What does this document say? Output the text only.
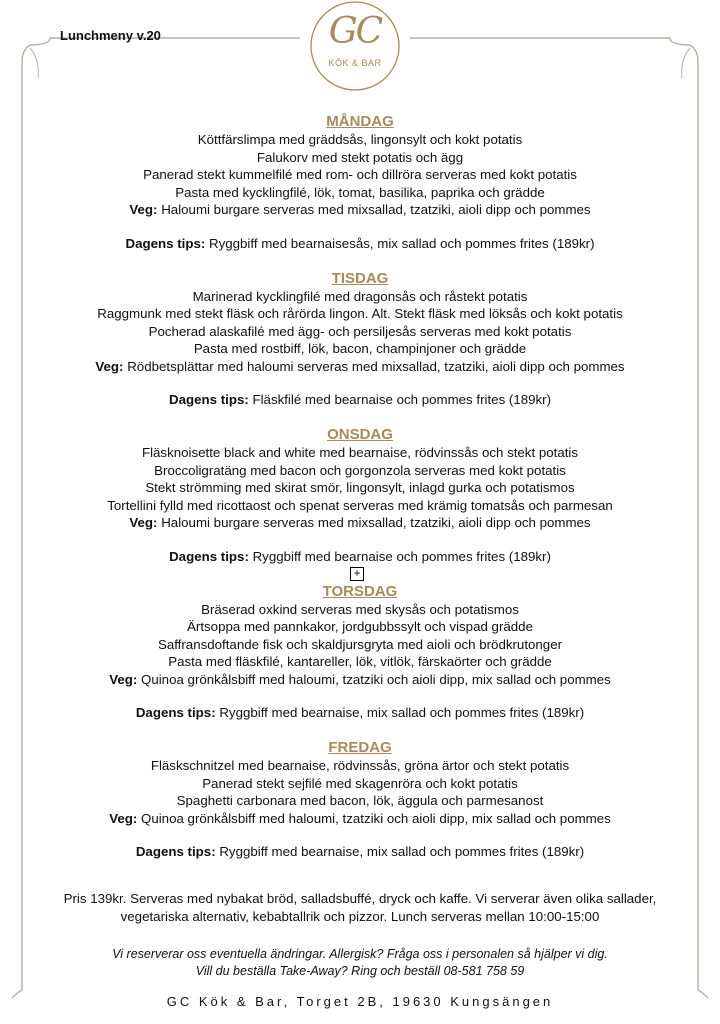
Lunchmeny v.20	GC
KÖK & BAR
MÅNDAG
Köttfärslimpa med gräddsås, lingonsylt och kokt potatis
Falukorv med stekt potatis och ägg
Panerad stekt kummelfilé med rom- och dillröra serveras med kokt potatis
Pasta med kycklingfilé, lök, tomat, basilika, paprika och grädde
Veg: Haloumi burgare serveras med mixsallad, tzatziki, aioli dipp och pommes
Dagens tips: Ryggbiff med bearnaisesås, mix sallad och pommes frites (189kr)
TISDAG
Marinerad kycklingfilé med dragonsås och råstekt potatis
Raggmunk med stekt fläsk och rårörda lingon. Alt. Stekt fläsk med löksås och kokt potatis
Pocherad alaskafilé med ägg- och persiljesås serveras med kokt potatis
Pasta med rostbiff, lök, bacon, champinjoner och grädde
Veg: Rödbetsplättar med haloumi serveras med mixsallad, tzatziki, aioli dipp och pommes
Dagens tips: Fläskfilé med bearnaise och pommes frites (189kr)
ONSDAG
Fläsknoisette black and white med bearnaise, rödvinssås och stekt potatis
Broccoligratäng med bacon och gorgonzola serveras med kokt potatis
Stekt strömming med skirat smör, lingonsylt, inlagd gurka och potatismos
Tortellini fylld med ricottaost och spenat serveras med krämig tomatsås och parmesan
Veg: Haloumi burgare serveras med mixsallad, tzatziki, aioli dipp och pommes
Dagens tips: Ryggbiff med bearnaise och pommes frites (189kr)
TORSDAG
Bräserad oxkind serveras med skysås och potatismos
Ärtsoppa med pannkakor, jordgubbssylt och vispad grädde
Saffransdoftande fisk och skaldjursgryta med aioli och brödkrutonger
Pasta med fläskfilé, kantareller, lök, vitlök, färskaörter och grädde
Veg: Quinoa grönkålsbiff med haloumi, tzatziki och aioli dipp, mix sallad och pommes
Dagens tips: Ryggbiff med bearnaise, mix sallad och pommes frites (189kr)
FREDAG
Fläskschnitzel med bearnaise, rödvinssås, gröna ärtor och stekt potatis
Panerad stekt sejfilé med skagenröra och kokt potatis
Spaghetti carbonara med bacon, lök, äggula och parmesanost
Veg: Quinoa grönkålsbiff med haloumi, tzatziki och aioli dipp, mix sallad och pommes
Dagens tips: Ryggbiff med bearnaise, mix sallad och pommes frites (189kr)
+
Pris 139kr. Serveras med nybakat bröd, salladsbuffé, dryck och kaffe. Vi serverar även olika sallader,
vegetariska alternativ, kebabtallrik och pizzor. Lunch serveras mellan 10:00-15:00
Vi reserverar oss eventuella ändringar. Allergisk? Fråga oss i personalen så hjälper vi dig.
Vill du beställa Take-Away? Ring och beställ 08-581 758 59
GC Kök & Bar, Torget 2B, 19630 Kungsängen
